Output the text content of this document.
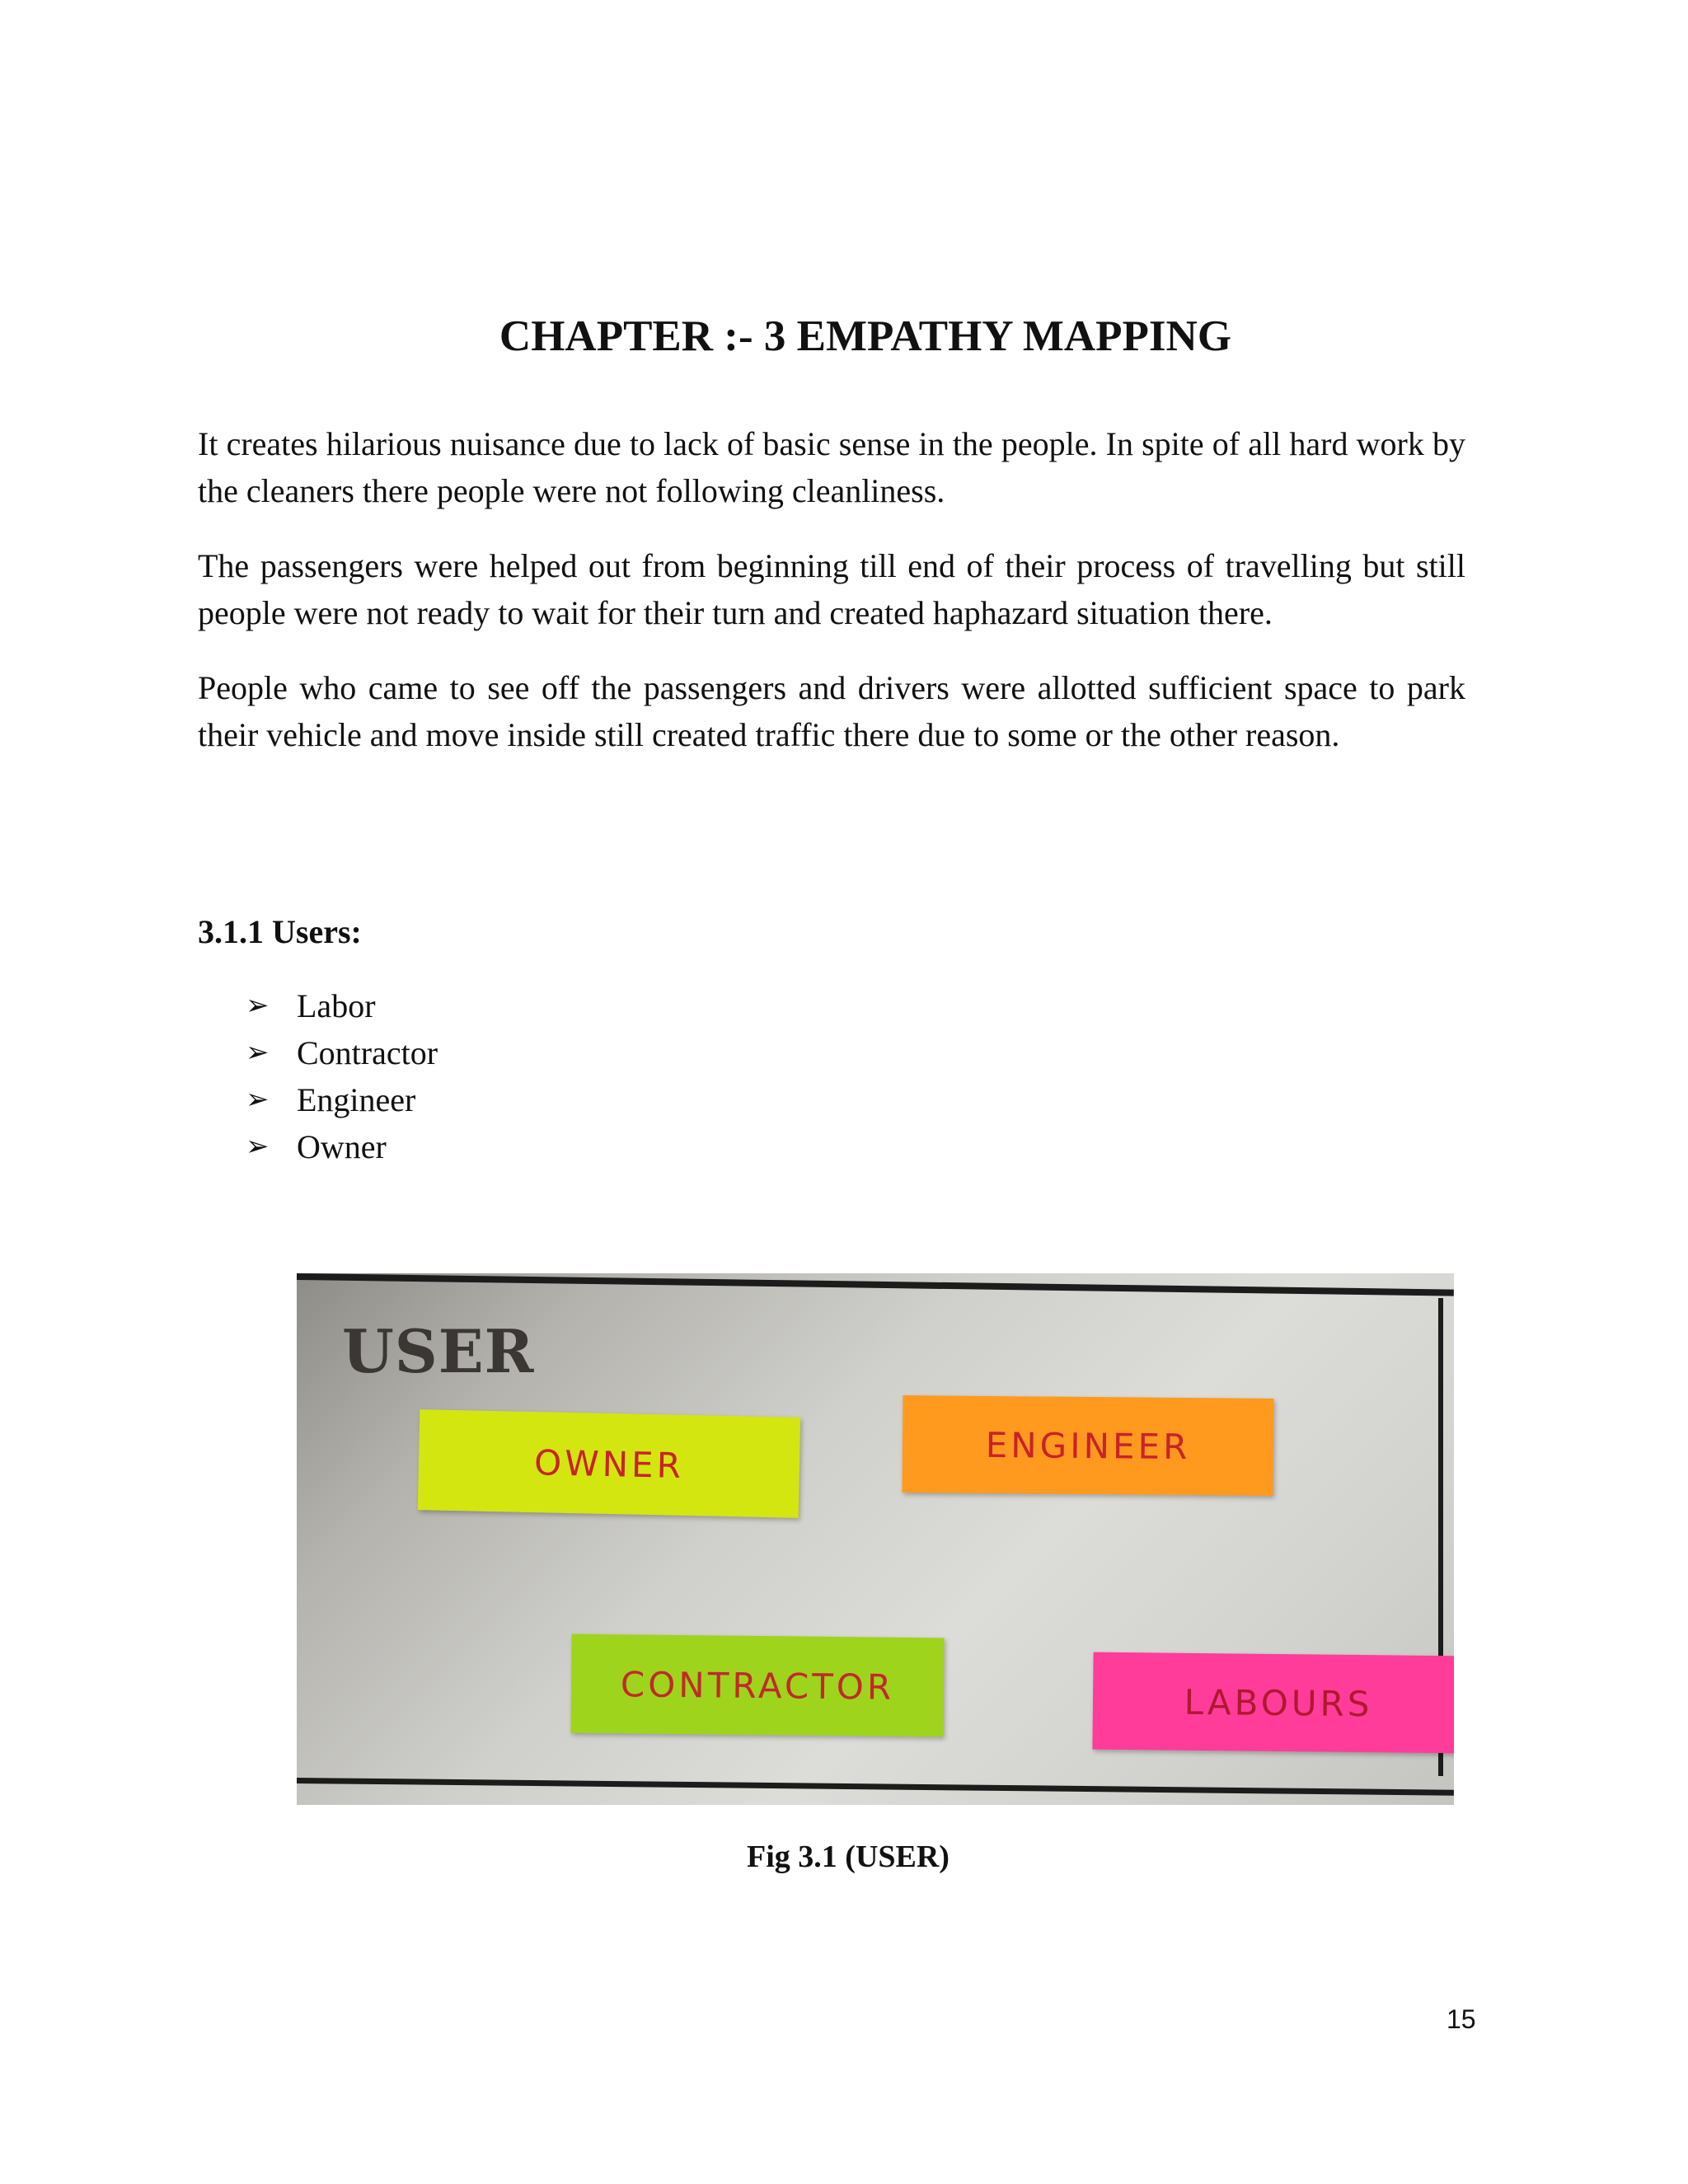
CHAPTER :- 3 EMPATHY MAPPING

It creates hilarious nuisance due to lack of basic sense in the people. In spite of all hard work by the cleaners there people were not following cleanliness.

The passengers were helped out from beginning till end of their process of travelling but still people were not ready to wait for their turn and created haphazard situation there.

People who came to see off the passengers and drivers were allotted sufficient space to park their vehicle and move inside still created traffic there due to some or the other reason.

3.1.1 Users:
➢ Labor
➢ Contractor
➢ Engineer
➢ Owner
USER
OWNER	ENGINEER
CONTRACTOR	LABOURS

Fig 3.1 (USER)

15
